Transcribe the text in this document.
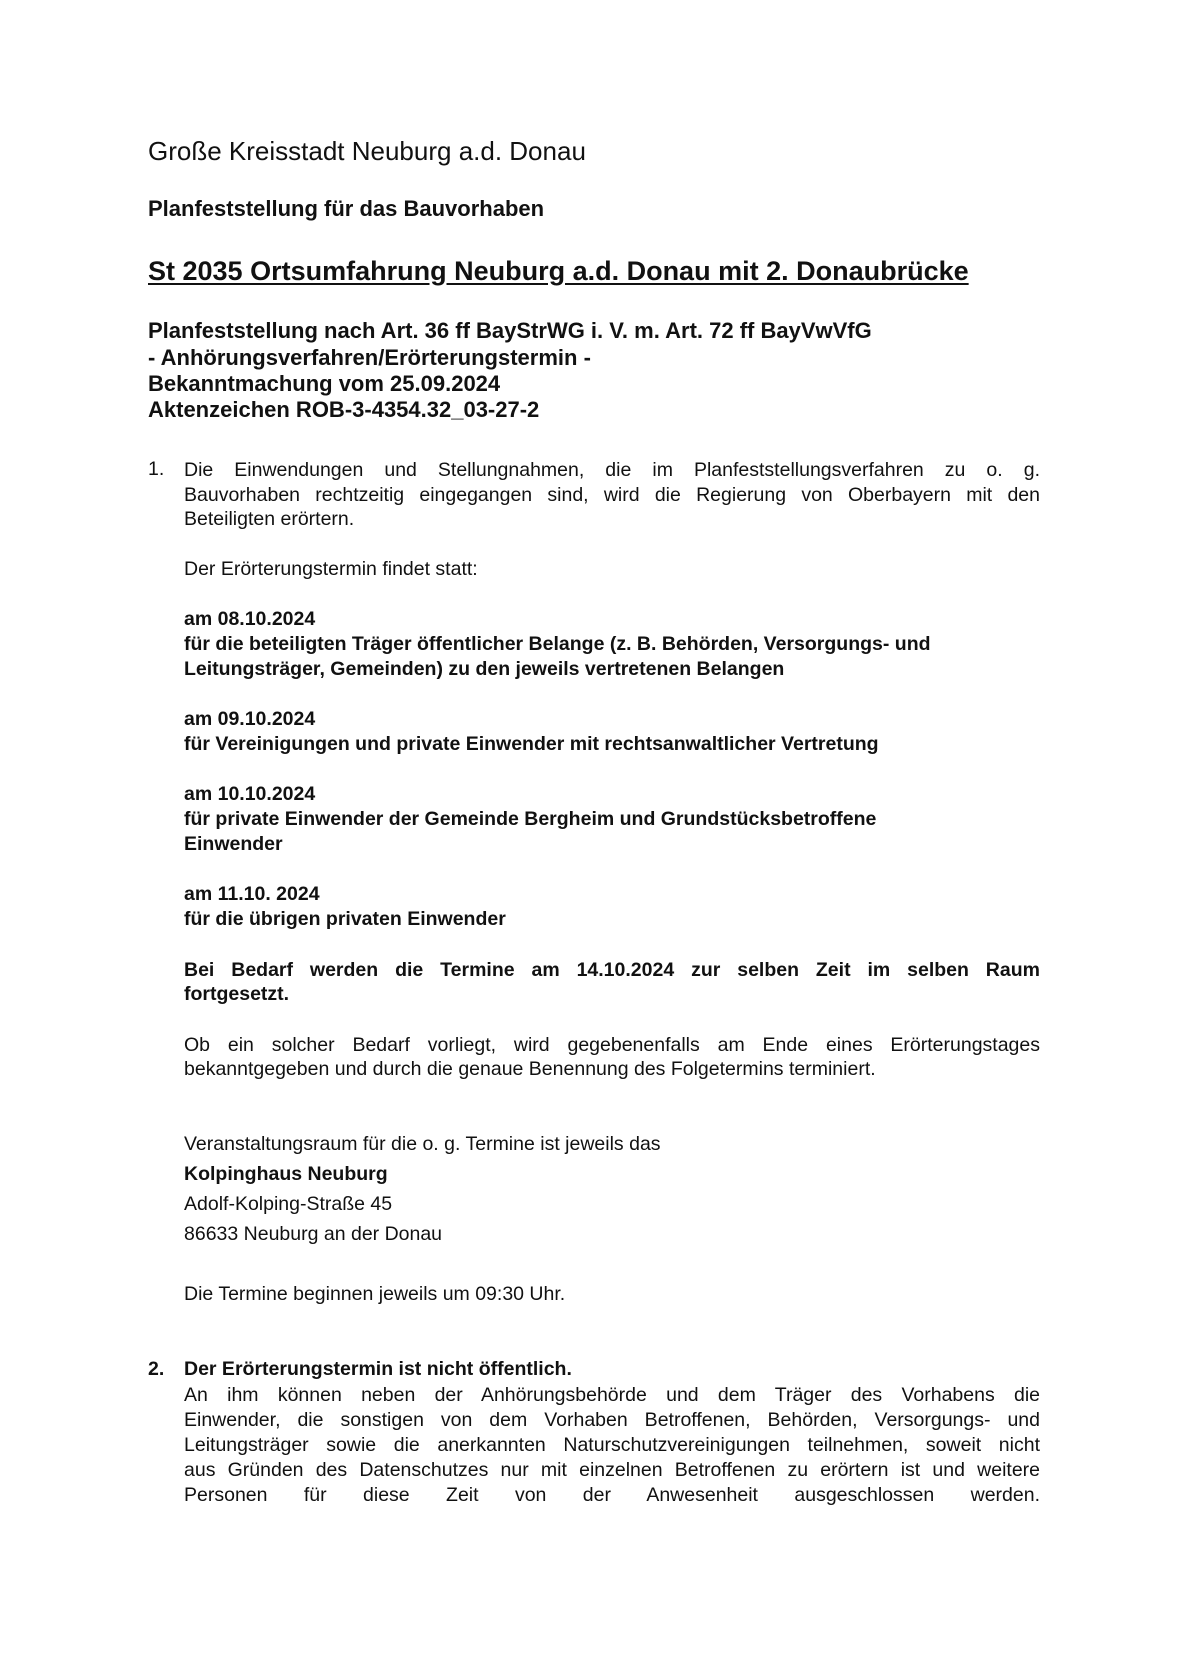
Große Kreisstadt Neuburg a.d. Donau
Planfeststellung für das Bauvorhaben
St 2035 Ortsumfahrung Neuburg a.d. Donau mit 2. Donaubrücke
Planfeststellung nach Art. 36 ff BayStrWG i. V. m. Art. 72 ff BayVwVfG
- Anhörungsverfahren/Erörterungstermin -
Bekanntmachung vom 25.09.2024
Aktenzeichen ROB-3-4354.32_03-27-2
1. Die Einwendungen und Stellungnahmen, die im Planfeststellungsverfahren zu o. g.
Bauvorhaben rechtzeitig eingegangen sind, wird die Regierung von Oberbayern mit den
Beteiligten erörtern.
Der Erörterungstermin findet statt:
am 08.10.2024
für die beteiligten Träger öffentlicher Belange (z. B. Behörden, Versorgungs- und
Leitungsträger, Gemeinden) zu den jeweils vertretenen Belangen
am 09.10.2024
für Vereinigungen und private Einwender mit rechtsanwaltlicher Vertretung
am 10.10.2024
für private Einwender der Gemeinde Bergheim und Grundstücksbetroffene
Einwender
am 11.10. 2024
für die übrigen privaten Einwender
Bei Bedarf werden die Termine am 14.10.2024 zur selben Zeit im selben Raum
fortgesetzt.
Ob ein solcher Bedarf vorliegt, wird gegebenenfalls am Ende eines Erörterungstages
bekanntgegeben und durch die genaue Benennung des Folgetermins terminiert.
Veranstaltungsraum für die o. g. Termine ist jeweils das
Kolpinghaus Neuburg
Adolf-Kolping-Straße 45
86633 Neuburg an der Donau
Die Termine beginnen jeweils um 09:30 Uhr.
2. Der Erörterungstermin ist nicht öffentlich.
An ihm können neben der Anhörungsbehörde und dem Träger des Vorhabens die
Einwender, die sonstigen von dem Vorhaben Betroffenen, Behörden, Versorgungs- und
Leitungsträger sowie die anerkannten Naturschutzvereinigungen teilnehmen, soweit nicht
aus Gründen des Datenschutzes nur mit einzelnen Betroffenen zu erörtern ist und weitere
Personen für diese Zeit von der Anwesenheit ausgeschlossen werden.
